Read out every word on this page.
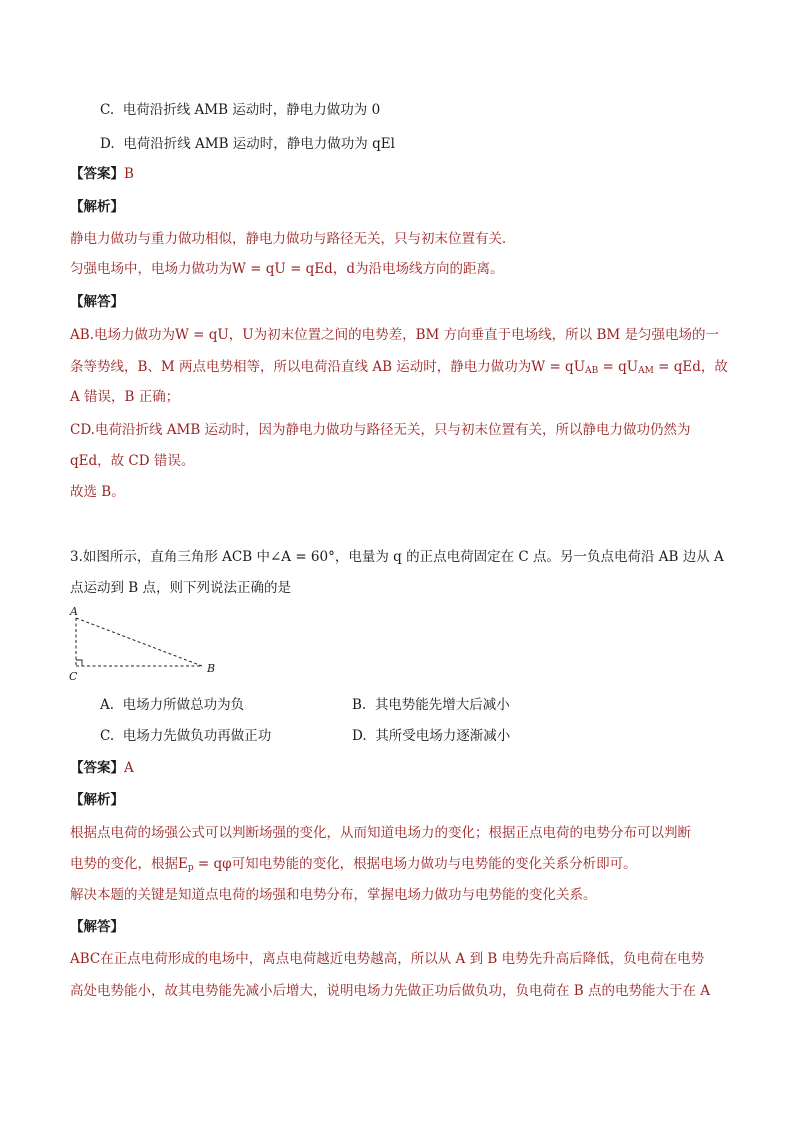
C. 电荷沿折线 AMB 运动时，静电力做功为 0
D. 电荷沿折线 AMB 运动时，静电力做功为 qEl
【答案】B
【解析】
静电力做功与重力做功相似，静电力做功与路径无关，只与初末位置有关．
匀强电场中，电场力做功为W = qU = qEd，d为沿电场线方向的距离。
【解答】
AB.电场力做功为W = qU，U为初末位置之间的电势差，BM 方向垂直于电场线，所以 BM 是匀强电场的一
条等势线，B、M 两点电势相等，所以电荷沿直线 AB 运动时，静电力做功为$W = qU_{AB} = qU_{AM}$ = qEd，故
A 错误，B 正确；
CD.电荷沿折线 AMB 运动时，因为静电力做功与路径无关，只与初末位置有关，所以静电力做功仍然为
qEd，故 CD 错误。
故选 B。
3.如图所示，直角三角形 ACB 中∠A = 60°，电量为 q 的正点电荷固定在 C 点。另一负点电荷沿 AB 边从 A
点运动到 B 点，则下列说法正确的是
A
B
C
A. 电场力所做总功为负	B. 其电势能先增大后减小
C. 电场力先做负功再做正功	D. 其所受电场力逐渐减小
【答案】A
【解析】
根据点电荷的场强公式可以判断场强的变化，从而知道电场力的变化；根据正点电荷的电势分布可以判断
电势的变化，根据$E_p = q\varphi$可知电势能的变化，根据电场力做功与电势能的变化关系分析即可。
解决本题的关键是知道点电荷的场强和电势分布，掌握电场力做功与电势能的变化关系。
【解答】
ABC在正点电荷形成的电场中，离点电荷越近电势越高，所以从 A 到 B 电势先升高后降低，负电荷在电势
高处电势能小，故其电势能先减小后增大，说明电场力先做正功后做负功，负电荷在 B 点的电势能大于在 A
